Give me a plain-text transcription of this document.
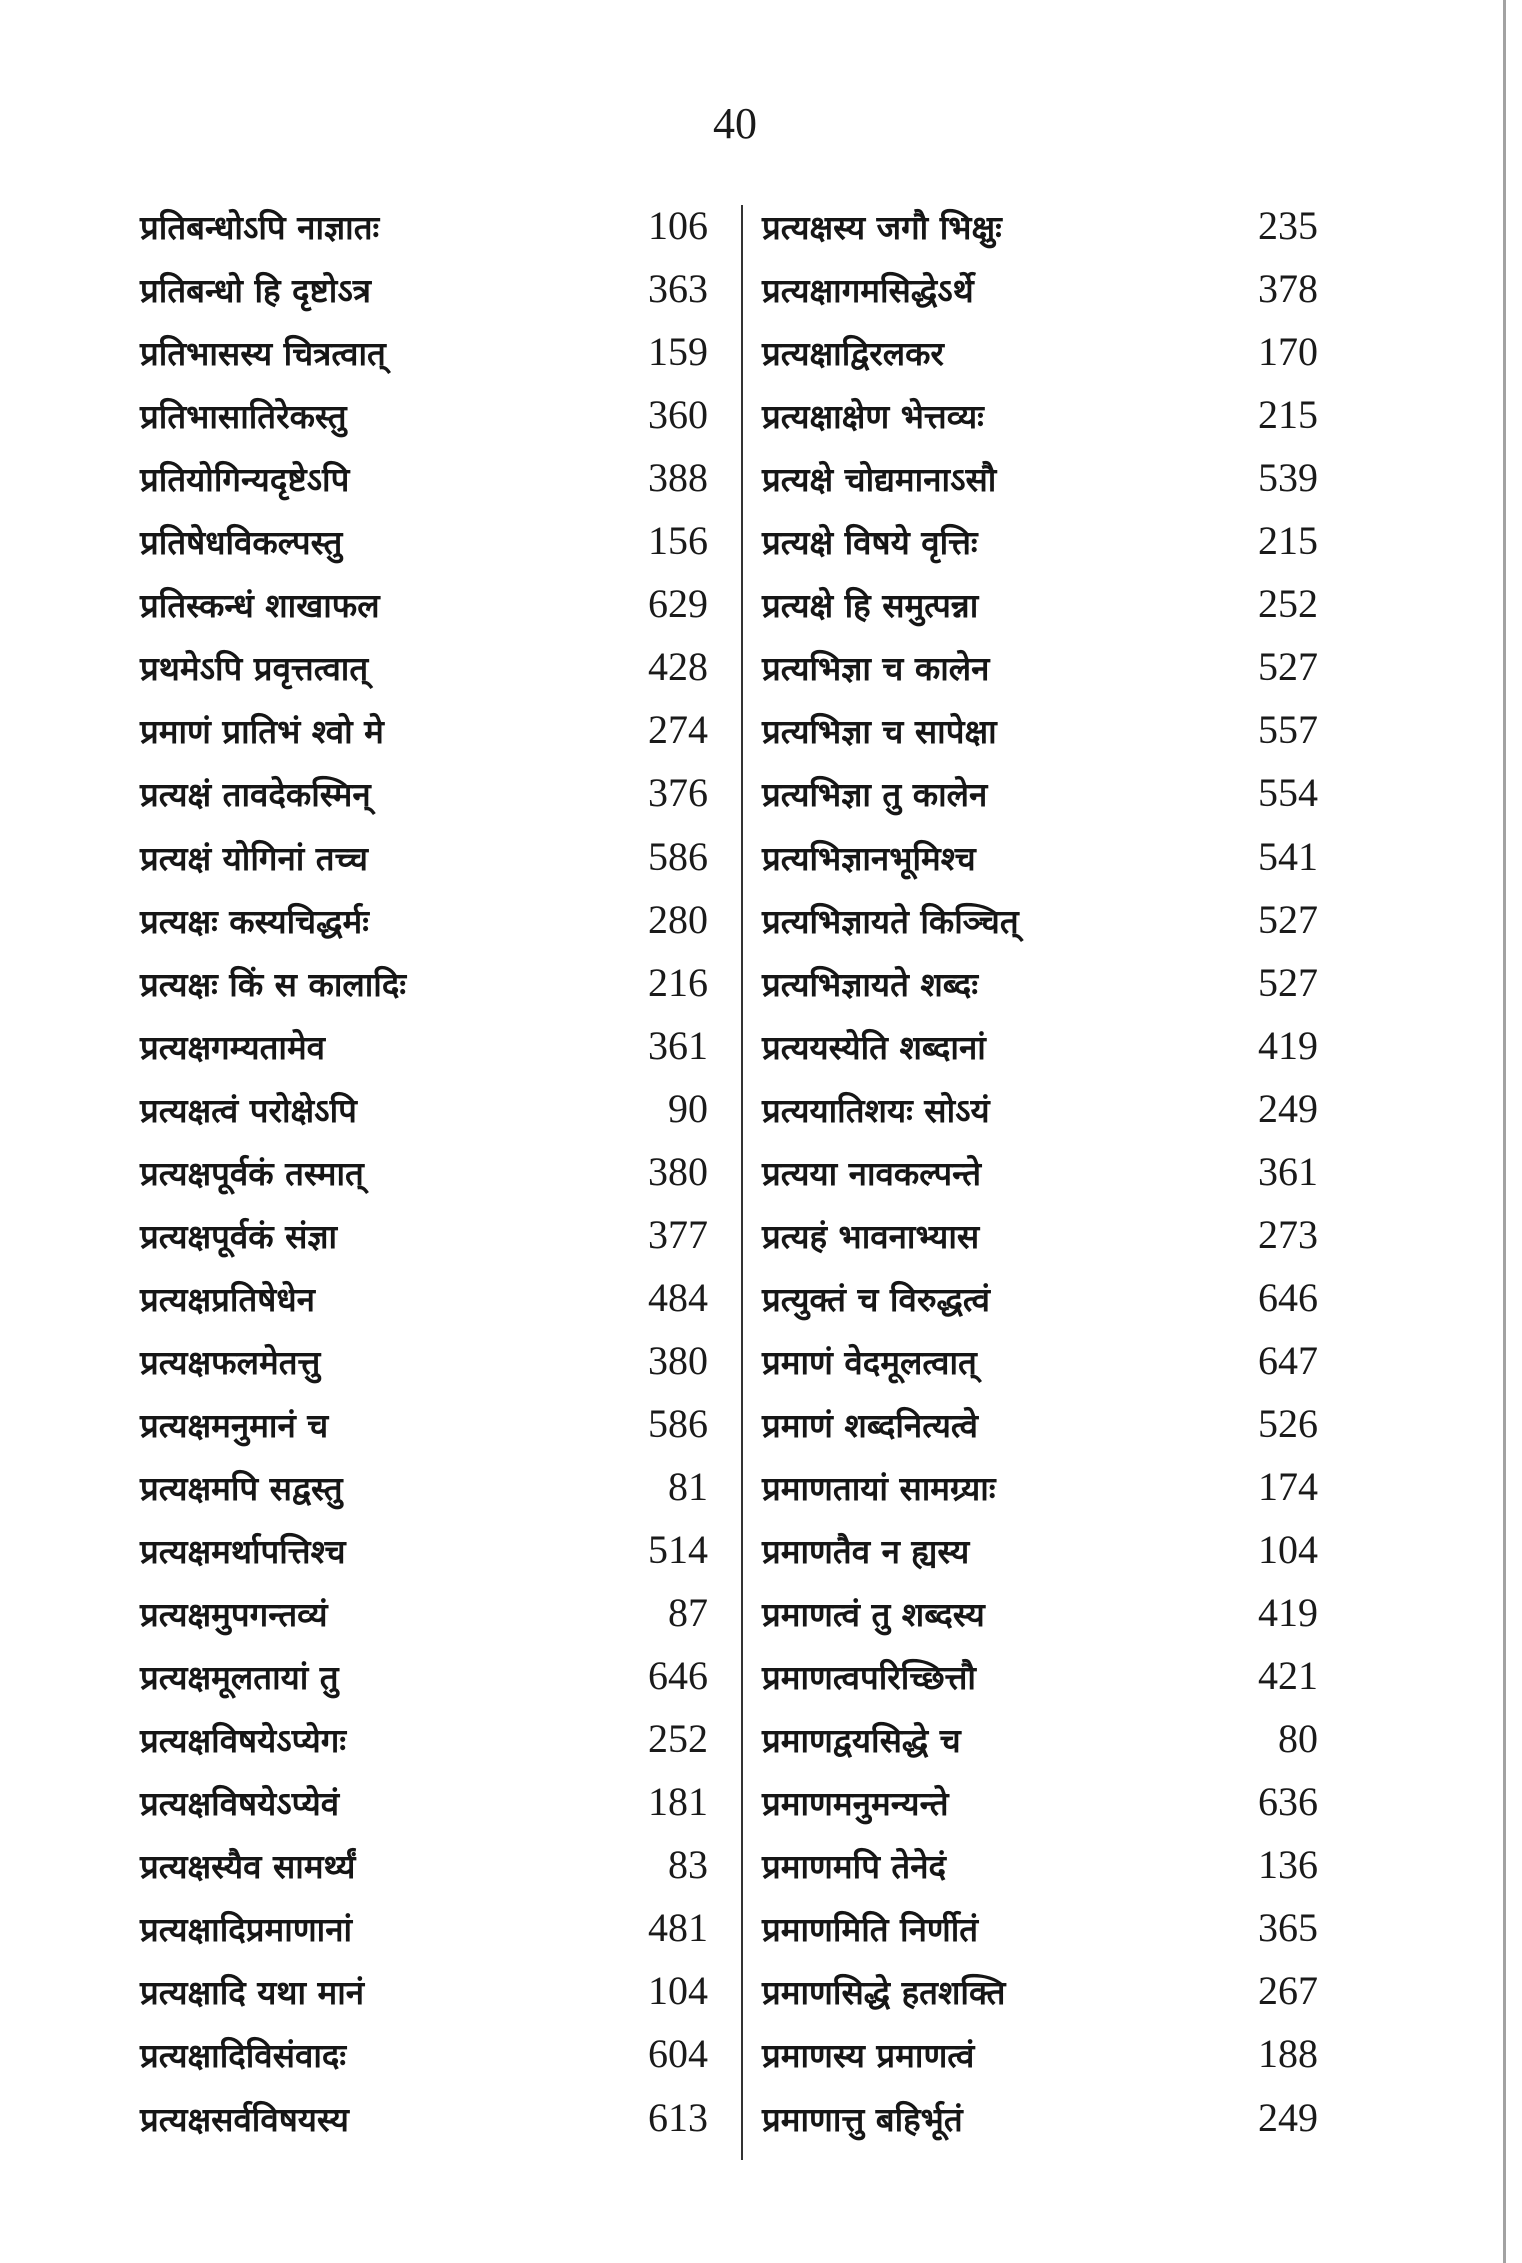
40
प्रतिबन्धोऽपि नाज्ञातः	106
प्रतिबन्धो हि दृष्टोऽत्र	363
प्रतिभासस्य चित्रत्वात्	159
प्रतिभासातिरेकस्तु	360
प्रतियोगिन्यदृष्टेऽपि	388
प्रतिषेधविकल्पस्तु	156
प्रतिस्कन्धं शाखाफल	629
प्रथमेऽपि प्रवृत्तत्वात्	428
प्रमाणं प्रातिभं श्वो मे	274
प्रत्यक्षं तावदेकस्मिन्	376
प्रत्यक्षं योगिनां तच्च	586
प्रत्यक्षः कस्यचिद्धर्मः	280
प्रत्यक्षः किं स कालादिः	216
प्रत्यक्षगम्यतामेव	361
प्रत्यक्षत्वं परोक्षेऽपि	90
प्रत्यक्षपूर्वकं तस्मात्	380
प्रत्यक्षपूर्वकं संज्ञा	377
प्रत्यक्षप्रतिषेधेन	484
प्रत्यक्षफलमेतत्तु	380
प्रत्यक्षमनुमानं च	586
प्रत्यक्षमपि सद्वस्तु	81
प्रत्यक्षमर्थापत्तिश्च	514
प्रत्यक्षमुपगन्तव्यं	87
प्रत्यक्षमूलतायां तु	646
प्रत्यक्षविषयेऽप्येगः	252
प्रत्यक्षविषयेऽप्येवं	181
प्रत्यक्षस्यैव सामर्थ्यं	83
प्रत्यक्षादिप्रमाणानां	481
प्रत्यक्षादि यथा मानं	104
प्रत्यक्षादिविसंवादः	604
प्रत्यक्षसर्वविषयस्य	613
प्रत्यक्षस्य जगौ भिक्षुः	235
प्रत्यक्षागमसिद्धेऽर्थे	378
प्रत्यक्षाद्विरलकर	170
प्रत्यक्षाक्षेण भेत्तव्यः	215
प्रत्यक्षे चोद्यमानाऽसौ	539
प्रत्यक्षे विषये वृत्तिः	215
प्रत्यक्षे हि समुत्पन्ना	252
प्रत्यभिज्ञा च कालेन	527
प्रत्यभिज्ञा च सापेक्षा	557
प्रत्यभिज्ञा तु कालेन	554
प्रत्यभिज्ञानभूमिश्च	541
प्रत्यभिज्ञायते किञ्चित्	527
प्रत्यभिज्ञायते शब्दः	527
प्रत्ययस्येति शब्दानां	419
प्रत्ययातिशयः सोऽयं	249
प्रत्यया नावकल्पन्ते	361
प्रत्यहं भावनाभ्यास	273
प्रत्युक्तं च विरुद्धत्वं	646
प्रमाणं वेदमूलत्वात्	647
प्रमाणं शब्दनित्यत्वे	526
प्रमाणतायां सामग्र्याः	174
प्रमाणतैव न ह्यस्य	104
प्रमाणत्वं तु शब्दस्य	419
प्रमाणत्वपरिच्छित्तौ	421
प्रमाणद्वयसिद्धे च	80
प्रमाणमनुमन्यन्ते	636
प्रमाणमपि तेनेदं	136
प्रमाणमिति निर्णीतं	365
प्रमाणसिद्धे हतशक्ति	267
प्रमाणस्य प्रमाणत्वं	188
प्रमाणात्तु बहिर्भूतं	249
